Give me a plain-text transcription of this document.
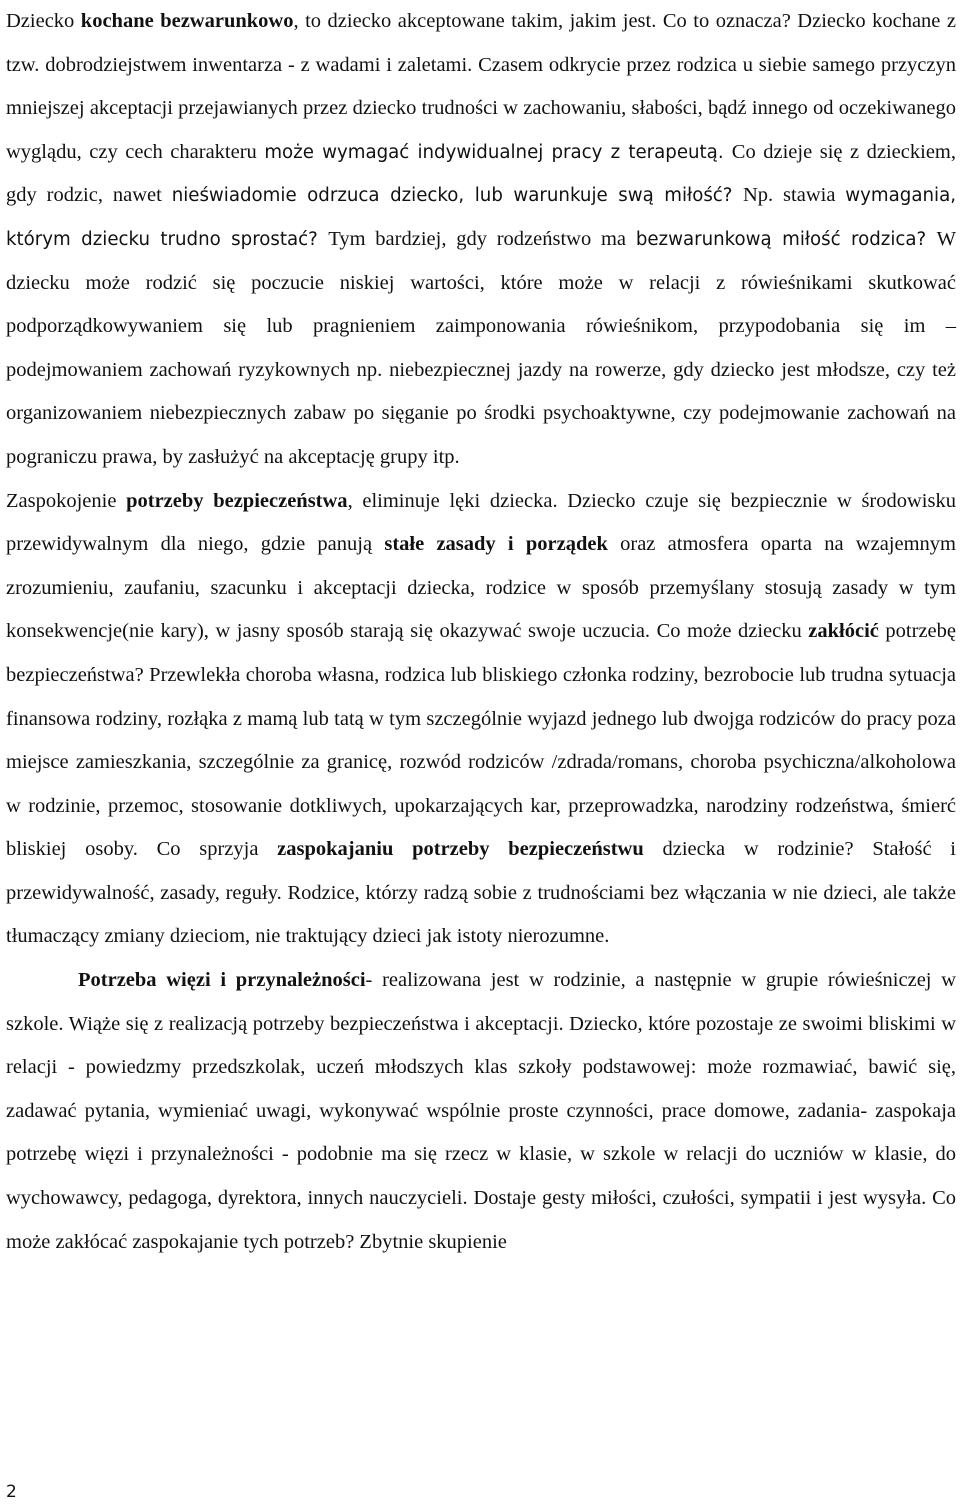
Dziecko kochane bezwarunkowo, to dziecko akceptowane takim, jakim jest. Co to oznacza? Dziecko kochane z tzw. dobrodziejstwem inwentarza - z wadami i zaletami. Czasem odkrycie przez rodzica u siebie samego przyczyn mniejszej akceptacji przejawianych przez dziecko trudności w zachowaniu, słabości, bądź innego od oczekiwanego wyglądu, czy cech charakteru może wymagać indywidualnej pracy z terapeutą. Co dzieje się z dzieckiem, gdy rodzic, nawet nieświadomie odrzuca dziecko, lub warunkuje swą miłość? Np. stawia wymagania, którym dziecku trudno sprostać? Tym bardziej, gdy rodzeństwo ma bezwarunkową miłość rodzica? W dziecku może rodzić się poczucie niskiej wartości, które może w relacji z rówieśnikami skutkować podporządkowywaniem się lub pragnieniem zaimponowania rówieśnikom, przypodobania się im – podejmowaniem zachowań ryzykownych np. niebezpiecznej jazdy na rowerze, gdy dziecko jest młodsze, czy też organizowaniem niebezpiecznych zabaw po sięganie po środki psychoaktywne, czy podejmowanie zachowań na pograniczu prawa, by zasłużyć na akceptację grupy itp.

Zaspokojenie potrzeby bezpieczeństwa, eliminuje lęki dziecka. Dziecko czuje się bezpiecznie w środowisku przewidywalnym dla niego, gdzie panują stałe zasady i porządek oraz atmosfera oparta na wzajemnym zrozumieniu, zaufaniu, szacunku i akceptacji dziecka, rodzice w sposób przemyślany stosują zasady w tym konsekwencje(nie kary), w jasny sposób starają się okazywać swoje uczucia. Co może dziecku zakłócić potrzebę bezpieczeństwa? Przewlekła choroba własna, rodzica lub bliskiego członka rodziny, bezrobocie lub trudna sytuacja finansowa rodziny, rozłąka z mamą lub tatą w tym szczególnie wyjazd jednego lub dwojga rodziców do pracy poza miejsce zamieszkania, szczególnie za granicę, rozwód rodziców /zdrada/romans, choroba psychiczna/alkoholowa w rodzinie, przemoc, stosowanie dotkliwych, upokarzających kar, przeprowadzka, narodziny rodzeństwa, śmierć bliskiej osoby. Co sprzyja zaspokajaniu potrzeby bezpieczeństwu dziecka w rodzinie? Stałość i przewidywalność, zasady, reguły. Rodzice, którzy radzą sobie z trudnościami bez włączania w nie dzieci, ale także tłumaczący zmiany dzieciom, nie traktujący dzieci jak istoty nierozumne.

Potrzeba więzi i przynależności- realizowana jest w rodzinie, a następnie w grupie rówieśniczej w szkole. Wiąże się z realizacją potrzeby bezpieczeństwa i akceptacji. Dziecko, które pozostaje ze swoimi bliskimi w relacji - powiedzmy przedszkolak, uczeń młodszych klas szkoły podstawowej: może rozmawiać, bawić się, zadawać pytania, wymieniać uwagi, wykonywać wspólnie proste czynności, prace domowe, zadania- zaspokaja potrzebę więzi i przynależności - podobnie ma się rzecz w klasie, w szkole w relacji do uczniów w klasie, do wychowawcy, pedagoga, dyrektora, innych nauczycieli. Dostaje gesty miłości, czułości, sympatii i jest wysyła. Co może zakłócać zaspokajanie tych potrzeb? Zbytnie skupienie

2
